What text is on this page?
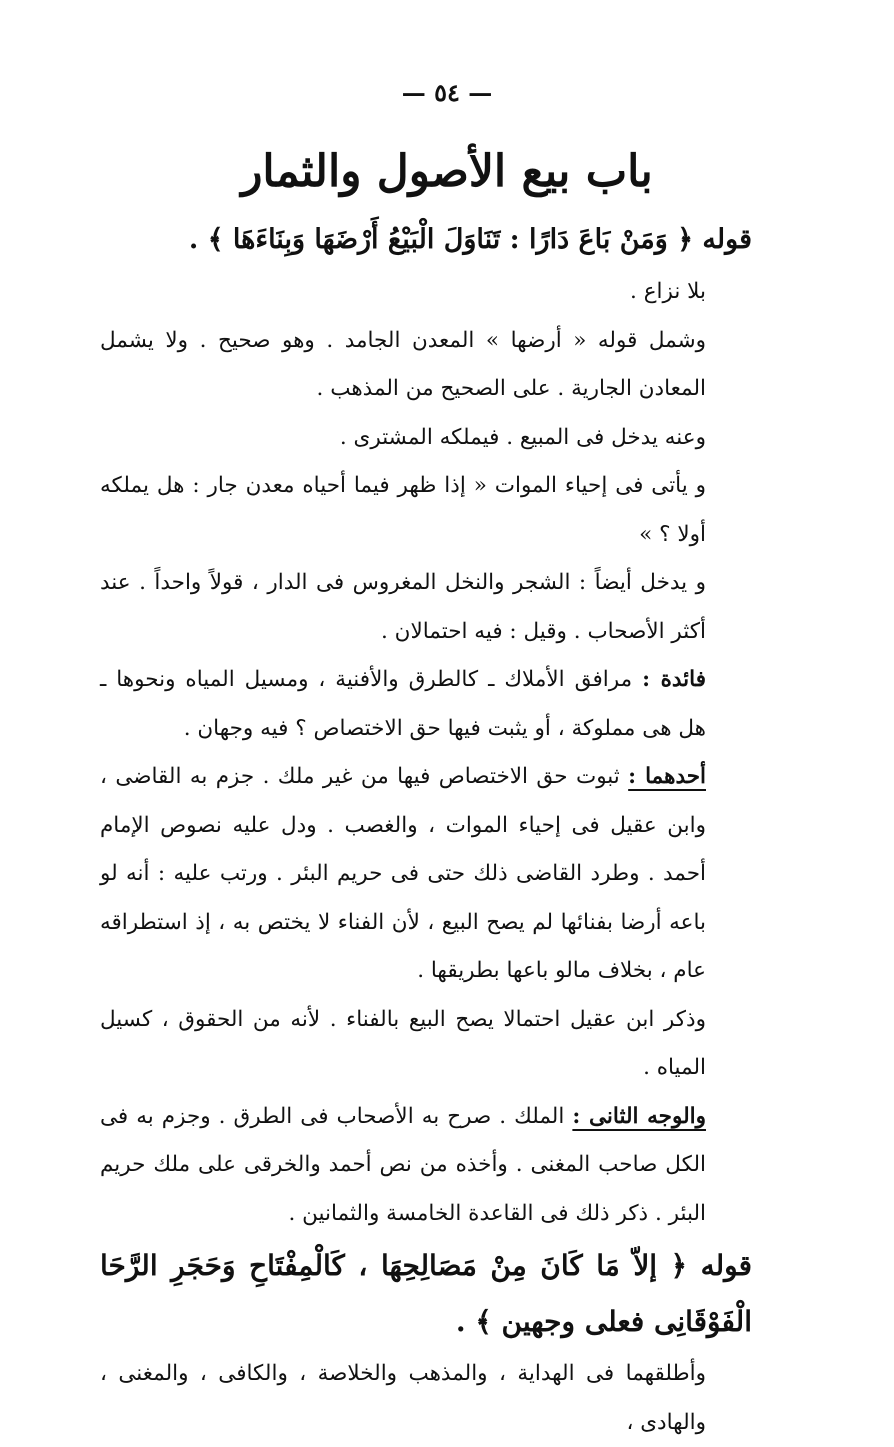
— ٥٤ —
باب بيع الأصول والثمار

قوله ﴿ وَمَنْ بَاعَ دَارًا : تَنَاوَلَ الْبَيْعُ أَرْضَهَا وَبِنَاءَهَا ﴾ .

بلا نزاع .

وشمل قوله « أرضها » المعدن الجامد . وهو صحيح . ولا يشمل المعادن الجارية . على الصحيح من المذهب .

وعنه يدخل فى المبيع . فيملكه المشترى .

و يأتى فى إحياء الموات « إذا ظهر فيما أحياه معدن جار : هل يملكه أولا ؟ »

و يدخل أيضاً : الشجر والنخل المغروس فى الدار ، قولاً واحداً . عند أكثر الأصحاب . وقيل : فيه احتمالان .

فائدة : مرافق الأملاك ـ كالطرق والأفنية ، ومسيل المياه ونحوها ـ هل هى مملوكة ، أو يثبت فيها حق الاختصاص ؟ فيه وجهان .

أحدهما : ثبوت حق الاختصاص فيها من غير ملك . جزم به القاضى ، وابن عقيل فى إحياء الموات ، والغصب . ودل عليه نصوص الإمام أحمد . وطرد القاضى ذلك حتى فى حريم البئر . ورتب عليه : أنه لو باعه أرضا بفنائها لم يصح البيع ، لأن الفناء لا يختص به ، إذ استطراقه عام ، بخلاف مالو باعها بطريقها .

وذكر ابن عقيل احتمالا يصح البيع بالفناء . لأنه من الحقوق ، كسيل المياه .

والوجه الثانى : الملك . صرح به الأصحاب فى الطرق . وجزم به فى الكل صاحب المغنى . وأخذه من نص أحمد والخرقى على ملك حريم البئر . ذكر ذلك فى القاعدة الخامسة والثمانين .

قوله ﴿ إلاّ مَا كَانَ مِنْ مَصَالِحِهَا ، كَالْمِفْتَاحِ وَحَجَرِ الرَّحَا الْفَوْقَانِى فعلى وجهين ﴾ .

وأطلقهما فى الهداية ، والمذهب والخلاصة ، والكافى ، والمغنى ، والهادى ،
